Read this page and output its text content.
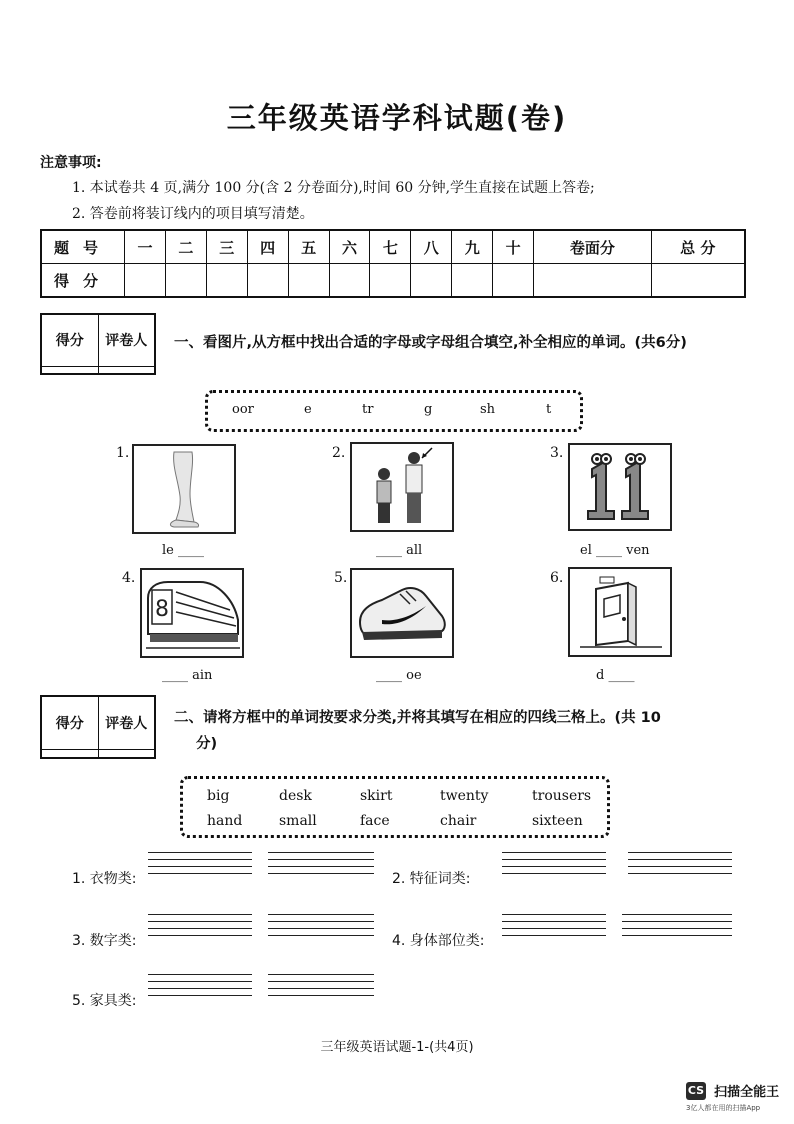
三年级英语学科试题(卷)
注意事项:
1. 本试卷共 4 页,满分 100 分(含 2 分卷面分),时间 60 分钟,学生直接在试题上答卷;
2. 答卷前将装订线内的项目填写清楚。
题号	一	二	三	四	五	六	七	八	九	十	卷面分	总 分
得分												
得分	评卷人
	一、看图片,从方框中找出合适的字母或字母组合填空,补全相应的单词。(共6分)
oor	e	tr	g	sh	t
1.
le ____
2.
____ all
3.
el ____ ven
4.
8
____ ain
5.
____ oe
6.
d ____
得分	评卷人
	二、请将方框中的单词按要求分类,并将其填写在相应的四线三格上。(共 10
分)
big	desk	skirt	twenty	trousers
hand	small	face	chair	sixteen
1. 衣物类:	2. 特征词类:
3. 数字类:	4. 身体部位类:
5. 家具类:
三年级英语试题-1-(共4页)
CS 扫描全能王
3亿人都在用的扫描App
